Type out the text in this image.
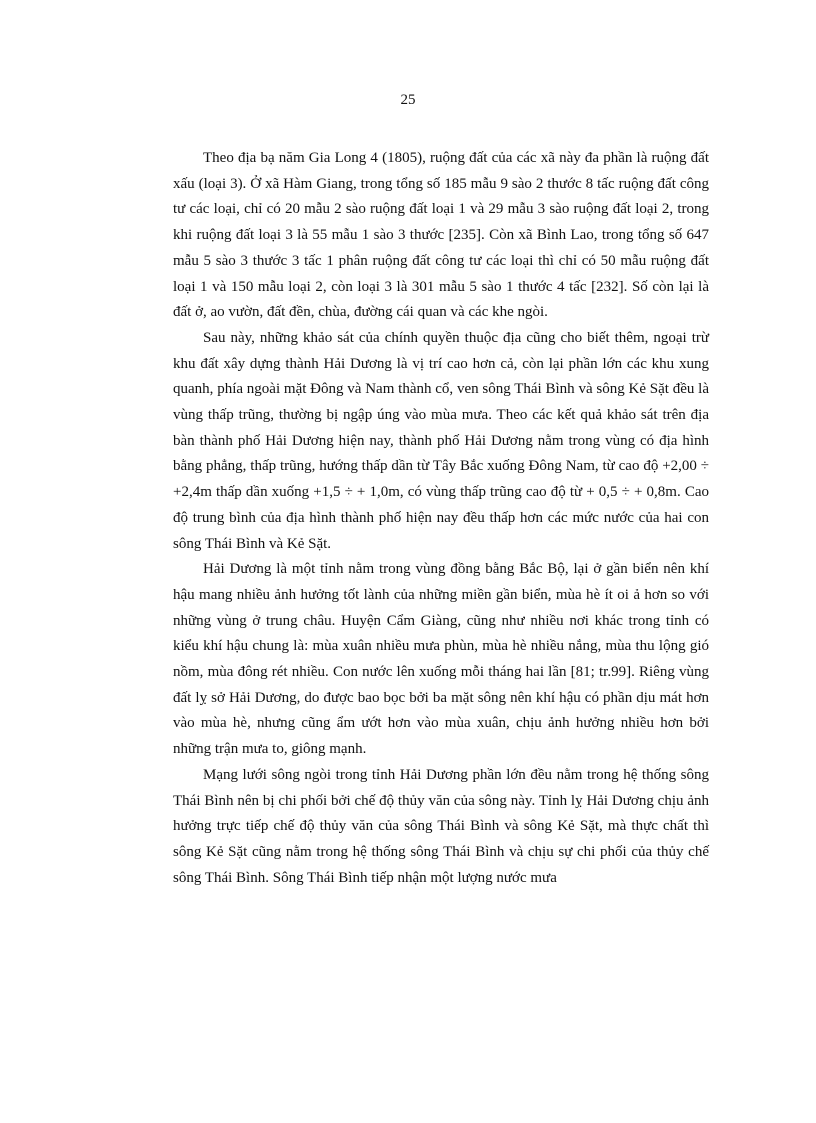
25

Theo địa bạ năm Gia Long 4 (1805), ruộng đất của các xã này đa phần là ruộng đất xấu (loại 3). Ở xã Hàm Giang, trong tổng số 185 mẫu 9 sào 2 thước 8 tấc ruộng đất công tư các loại, chỉ có 20 mẫu 2 sào ruộng đất loại 1 và 29 mẫu 3 sào ruộng đất loại 2, trong khi ruộng đất loại 3 là 55 mẫu 1 sào 3 thước [235]. Còn xã Bình Lao, trong tổng số 647 mẫu 5 sào 3 thước 3 tấc 1 phân ruộng đất công tư các loại thì chỉ có 50 mẫu ruộng đất loại 1 và 150 mẫu loại 2, còn loại 3 là 301 mẫu 5 sào 1 thước 4 tấc [232]. Số còn lại là đất ở, ao vườn, đất đền, chùa, đường cái quan và các khe ngòi.

Sau này, những khảo sát của chính quyền thuộc địa cũng cho biết thêm, ngoại trừ khu đất xây dựng thành Hải Dương là vị trí cao hơn cả, còn lại phần lớn các khu xung quanh, phía ngoài mặt Đông và Nam thành cổ, ven sông Thái Bình và sông Kẻ Sặt đều là vùng thấp trũng, thường bị ngập úng vào mùa mưa. Theo các kết quả khảo sát trên địa bàn thành phố Hải Dương hiện nay, thành phố Hải Dương nằm trong vùng có địa hình bằng phẳng, thấp trũng, hướng thấp dần từ Tây Bắc xuống Đông Nam, từ cao độ +2,00 ÷ +2,4m thấp dần xuống +1,5 ÷ + 1,0m, có vùng thấp trũng cao độ từ + 0,5 ÷ + 0,8m. Cao độ trung bình của địa hình thành phố hiện nay đều thấp hơn các mức nước của hai con sông Thái Bình và Kẻ Sặt.

Hải Dương là một tỉnh nằm trong vùng đồng bằng Bắc Bộ, lại ở gần biển nên khí hậu mang nhiều ảnh hưởng tốt lành của những miền gần biển, mùa hè ít oi ả hơn so với những vùng ở trung châu. Huyện Cẩm Giàng, cũng như nhiều nơi khác trong tỉnh có kiểu khí hậu chung là: mùa xuân nhiều mưa phùn, mùa hè nhiều nắng, mùa thu lộng gió nồm, mùa đông rét nhiều. Con nước lên xuống mỗi tháng hai lần [81; tr.99]. Riêng vùng đất lỵ sở Hải Dương, do được bao bọc bởi ba mặt sông nên khí hậu có phần dịu mát hơn vào mùa hè, nhưng cũng ẩm ướt hơn vào mùa xuân, chịu ảnh hưởng nhiều hơn bởi những trận mưa to, giông mạnh.

Mạng lưới sông ngòi trong tỉnh Hải Dương phần lớn đều nằm trong hệ thống sông Thái Bình nên bị chi phối bởi chế độ thủy văn của sông này. Tỉnh lỵ Hải Dương chịu ảnh hưởng trực tiếp chế độ thủy văn của sông Thái Bình và sông Kẻ Sặt, mà thực chất thì sông Kẻ Sặt cũng nằm trong hệ thống sông Thái Bình và chịu sự chi phối của thủy chế sông Thái Bình. Sông Thái Bình tiếp nhận một lượng nước mưa
